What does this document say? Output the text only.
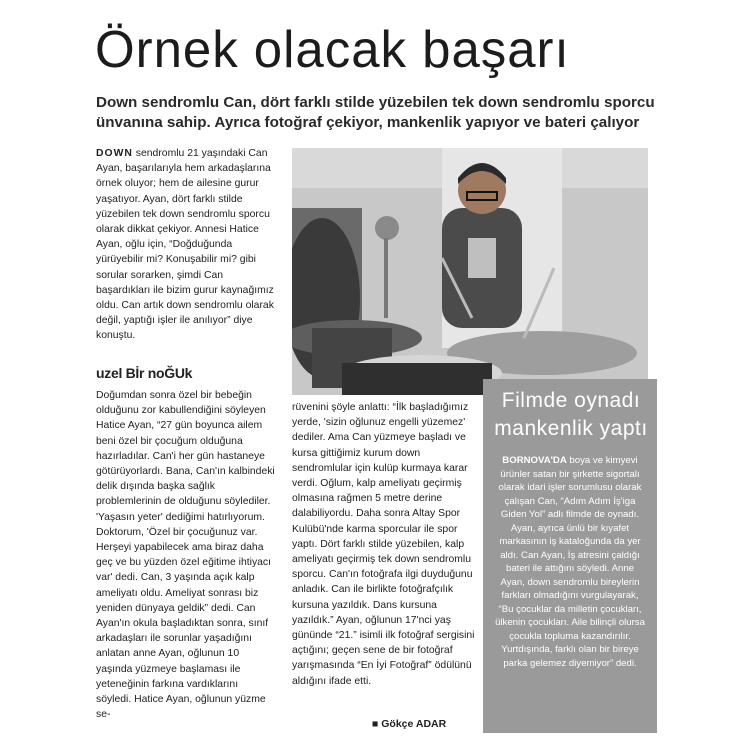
Örnek olacak başarı
Down sendromlu Can, dört farklı stilde yüzebilen tek down sendromlu sporcu ünvanına sahip. Ayrıca fotoğraf çekiyor, mankenlik yapıyor ve bateri çalıyor

DOWN sendromlu 21 yaşındaki Can Ayan, başarılarıyla hem arkadaşlarına örnek oluyor; hem de ailesine gurur yaşatıyor. Ayan, dört farklı stilde yüzebilen tek down sendromlu sporcu olarak dikkat çekiyor. Annesi Hatice Ayan, oğlu için, “Doğduğunda yürüyebilir mi? Konuşabilir mi? gibi sorular sorarken, şimdi Can başardıkları ile bizim gurur kaynağımız oldu. Can artık down sendromlu olarak değil, yaptığı işler ile anılıyor” diye konuştu.

uzel Bİr noĞUk

Doğumdan sonra özel bir bebeğin olduğunu zor kabullendiğini söyleyen Hatice Ayan, “27 gün boyunca ailem beni özel bir çocuğum olduğuna hazırladılar. Can'i her gün hastaneye götürüyorlardı. Bana, Can'ın kalbindeki delik dışında başka sağlık problemlerinin de olduğunu söylediler. 'Yaşasın yeter' dediğimi hatırlıyorum. Doktorum, 'Özel bir çocuğunuz var. Herşeyi yapabilecek ama biraz daha geç ve bu yüzden özel eğitime ihtiyacı var' dedi. Can, 3 yaşında açık kalp ameliyatı oldu. Ameliyat sonrası biz yeniden dünyaya geldik” dedi. Can Ayan'ın okula başladıktan sonra, sınıf arkadaşları ile sorunlar yaşadığını anlatan anne Ayan, oğlunun 10 yaşında yüzmeye başlaması ile yeteneğinin farkına vardıklarını söyledi. Hatice Ayan, oğlunun yüzme se-

rüvenini şöyle anlattı: “İlk başladığımız yerde, 'sizin oğlunuz engelli yüzemez' dediler. Ama Can yüzmeye başladı ve kursa gittiğimiz kurum down sendromlular için kulüp kurmaya karar verdi. Oğlum, kalp ameliyatı geçirmiş olmasına rağmen 5 metre derine dalabiliyordu. Daha sonra Altay Spor Kulübü'nde karma sporcular ile spor yaptı. Dört farklı stilde yüzebilen, kalp ameliyatı geçirmiş tek down sendromlu sporcu. Can'ın fotoğrafa ilgi duyduğunu anladık. Can ile birlikte fotoğrafçılık kursuna yazıldık. Dans kursuna yazıldık.” Ayan, oğlunun 17'nci yaş gününde “21.” isimli ilk fotoğraf sergisini açtığını; geçen sene de bir fotoğraf yarışmasında “En İyi Fotoğraf” ödülünü aldığını ifade etti.

■ Gökçe ADAR
Filmde oynadı
mankenlik yaptı
BORNOVA'DA boya ve kimyevi ürünler satan bir şirkette sigortalı olarak idari işler sorumlusu olarak çalışan Can, “Adım Adım İş'iga Giden Yol” adlı filmde de oynadı. Ayan, ayrıca ünlü bir kıyafet markasının iş kataloğunda da yer aldı. Can Ayan, İş atresini çaldığı bateri ile attığını söyledi. Anne Ayan, down sendromlu bireylerin farkları olmadığını vurgulayarak, “Bu çocuklar da milletin çocukları, ülkenin çocukları. Aile bilinçli olursa çocukla topluma kazandırılır. Yurtdışında, farklı olan bir bireye parka gelemez diyemiyor” dedi.
